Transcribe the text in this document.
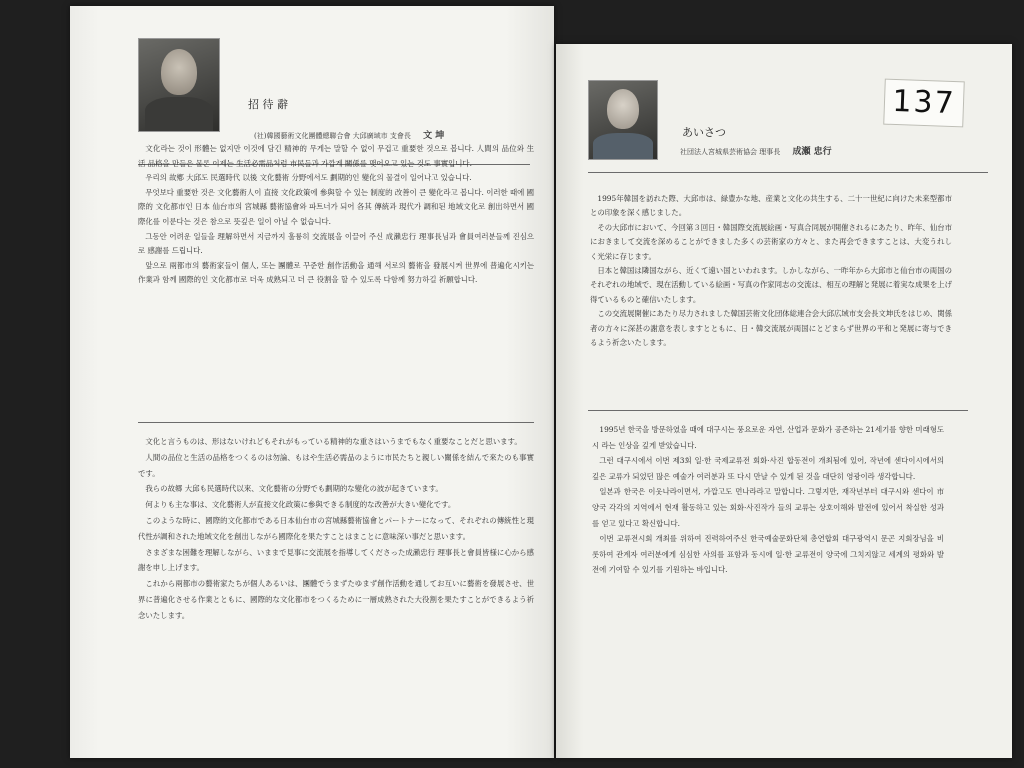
招 待 辭
(社)韓國藝術文化團體總聯合會 大邱廣域市 支會長 文 坤

文化라는 것이 形體는 없지만 이것에 담긴 精神的 무게는 말할 수 없이 무겁고 重要한 것으로 봅니다. 人間의 品位와 生活 品格을 만들은 물론 이제는 生活必需品처럼 市民들과 가깝게 關係를 맺어오고 있는 것도 事實입니다.

우리의 故鄕 大邱도 民選時代 以後 文化藝術 分野에서도 劃期的인 變化의 물결이 일어나고 있습니다.

무엇보다 重要한 것은 文化藝術人이 直接 文化政策에 參與할 수 있는 制度的 改善이 큰 變化라고 봅니다. 이러한 때에 國際的 文化都市인 日本 仙台市의 宮城縣 藝術協會와 파트너가 되어 各其 傳統과 現代가 調和된 地域文化로 創出하면서 國際化를 이룬다는 것은 참으로 뜻깊은 일이 아닐 수 없습니다.

그동안 어려운 일들을 理解하면서 지금까지 훌륭히 交流展을 이끌어 주신 成瀨忠行 理事長님과 會員여러분들께 진심으로 感謝를 드립니다.

앞으로 兩都市의 藝術家들이 個人, 또는 團體로 꾸준한 創作活動을 通해 서로의 藝術을 發展시켜 世界에 普遍化시키는 作業과 함께 國際的인 文化都市로 더욱 成熟되고 더 큰 役割을 할 수 있도록 다함께 努力하길 祈願합니다.

文化と言うものは、形はないけれどもそれがもっている精神的な重さはいうまでもなく重要なことだと思います。

人間の品位と生活の品格をつくるのは勿論、もはや生活必需品のように市民たちと親しい關係を結んで來たのも事實です。

我らの故郷 大邱も民選時代以來、文化藝術の分野でも劃期的な變化の波が起きています。

何よりも主な事は、文化藝術人が直接文化政策に參與できる制度的な改善が大きい變化です。

このような時に、國際的文化都市である日本仙台市の宮城縣藝術協會とパートナーになって、それぞれの傳統性と現代性が調和された地域文化を創出しながら國際化を果たすことはまことに意味深い事だと思います。

さまざまな困難を理解しながら、いままで見事に交流展を指導してくださった成瀨忠行 理事長と會員皆様に心から感謝を申し上げます。

これから兩都市の藝術家たちが個人あるいは、團體でうまずたゆまず創作活動を通してお互いに藝術を發展させ、世界に普遍化させる作業とともに、國際的な文化都市をつくるために一層成熟された大役割を果たすことができるよう祈念いたします。

あいさつ
社団法人宮城県芸術協会 理事長 成瀬 忠行

1995年韓国を訪れた際、大邱市は、緑豊かな地、産業と文化の共生する、二十一世紀に向けた未来型都市との印象を深く感じました。

その大邱市において、今回第３回日・韓国際交流展絵画・写真合同展が開催されるにあたり、昨年、仙台市におきまして交流を深めることができました多くの芸術家の方々と、また再会できますことは、大変うれしく光栄に存じます。

日本と韓国は隣国ながら、近くて遠い国といわれます。しかしながら、一昨年から大邱市と仙台市の両国のそれぞれの地域で、現在活動している絵画・写真の作家同志の交流は、相互の理解と発展に着実な成果を上げ得ているものと確信いたします。

この交流展開催にあたり尽力されました韓国芸術文化団体総連合会大邱広域市支会長文坤氏をはじめ、関係者の方々に深甚の謝意を表しますとともに、日・韓交流展が両国にとどまらず世界の平和と発展に寄与できるよう祈念いたします。

1995년 한국을 방문하였을 때에 대구시는 풍요로운 자연, 산업과 문화가 공존하는 21세기를 향한 미래형도시 라는 인상을 깊게 받았습니다.

그런 대구시에서 이번 제3회 일·한 국제교류전 회화·사진 합동전이 개최됨에 있어, 작년에 센다이시에서의 깊은 교류가 되었던 많은 예술가 여러분과 또 다시 만날 수 있게 된 것을 대단히 영광이라 생각합니다.

일본과 한국은 이웃나라이면서, 가깝고도 먼나라라고 말합니다. 그렇지만, 재작년부터 대구시와 센다이 市 양국 각각의 지역에서 현재 활동하고 있는 회화·사진작가 들의 교류는 상호이해와 발전에 있어서 착실한 성과를 얻고 있다고 확신합니다.

이번 교류전시회 개최를 위하여 진력하여주신 한국예술문화단체 총연합회 대구광역시 문곤 지회장님을 비롯하여 관계자 여러분에게 심심한 사의를 표함과 동시에 일·한 교류전이 양국에 그치지않고 세계의 평화와 발전에 기여할 수 있기를 기원하는 바입니다.

137
